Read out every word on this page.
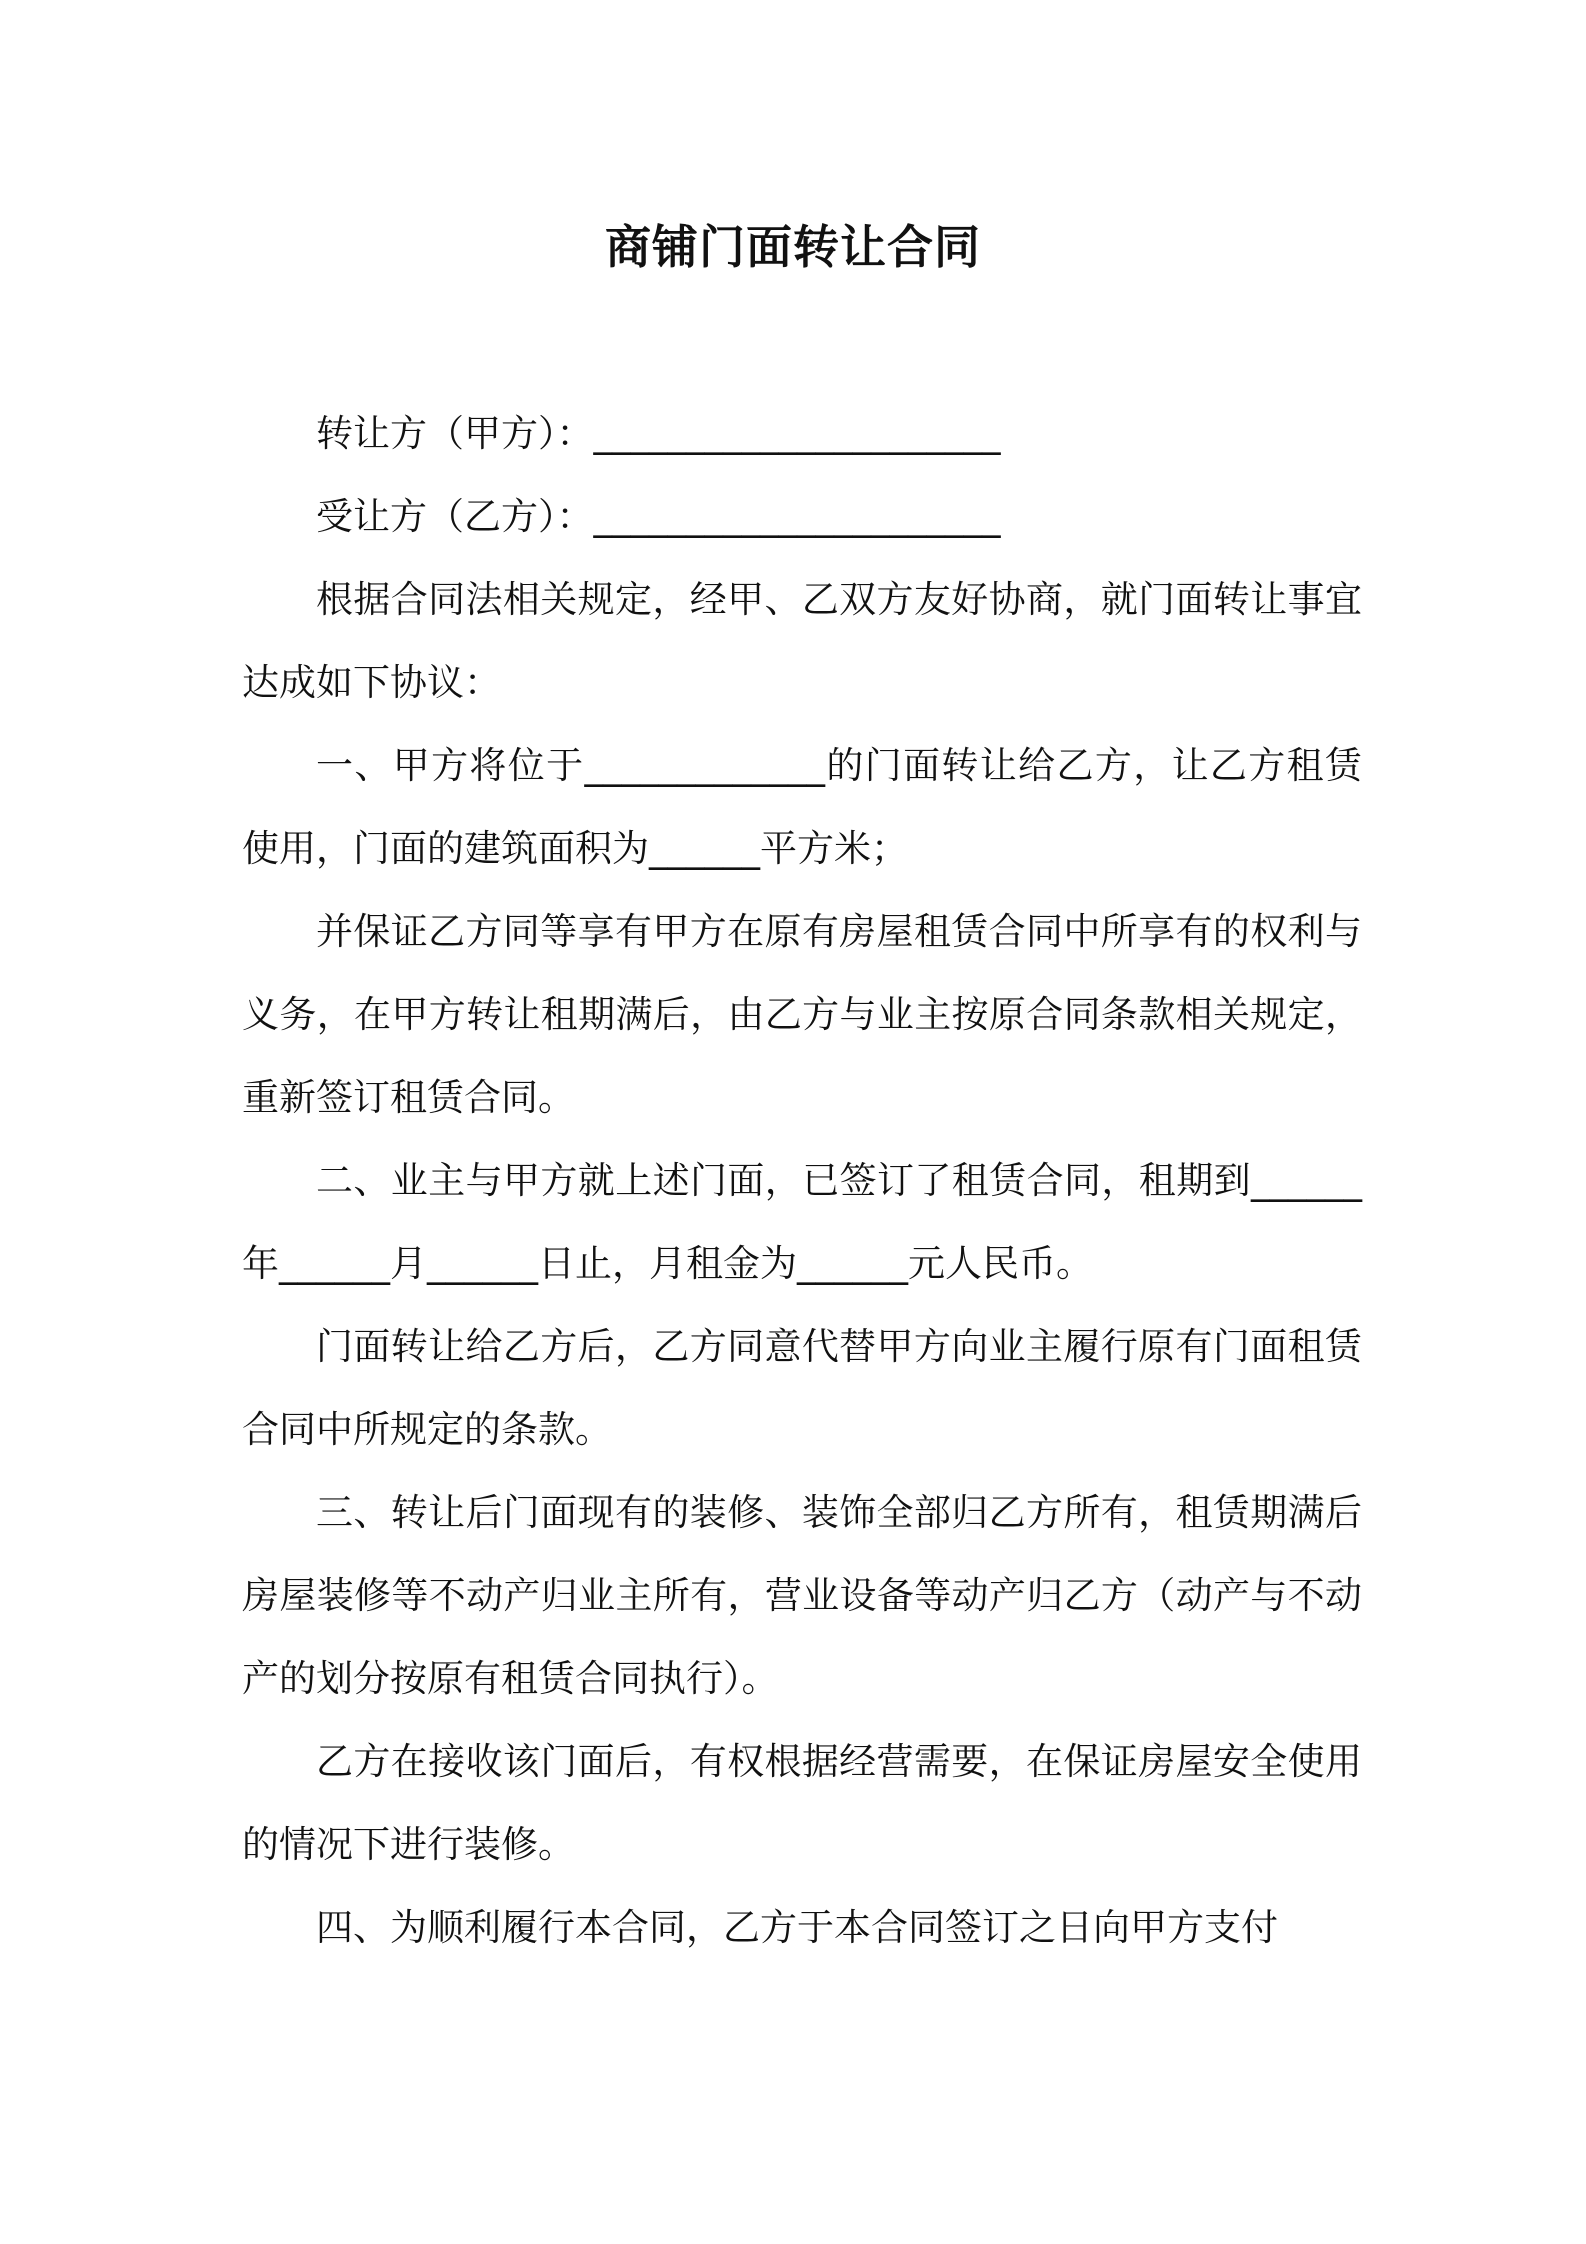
商铺门面转让合同

转让方（甲方）：______________________

受让方（乙方）：______________________

根据合同法相关规定，经甲、乙双方友好协商，就门面转让事宜达成如下协议：

一、甲方将位于_____________的门面转让给乙方，让乙方租赁使用，门面的建筑面积为______平方米；

并保证乙方同等享有甲方在原有房屋租赁合同中所享有的权利与义务，在甲方转让租期满后，由乙方与业主按原合同条款相关规定，重新签订租赁合同。

二、业主与甲方就上述门面，已签订了租赁合同，租期到______年______月______日止，月租金为______元人民币。

门面转让给乙方后，乙方同意代替甲方向业主履行原有门面租赁合同中所规定的条款。

三、转让后门面现有的装修、装饰全部归乙方所有，租赁期满后房屋装修等不动产归业主所有，营业设备等动产归乙方（动产与不动产的划分按原有租赁合同执行）。

乙方在接收该门面后，有权根据经营需要，在保证房屋安全使用的情况下进行装修。

四、为顺利履行本合同，乙方于本合同签订之日向甲方支付
